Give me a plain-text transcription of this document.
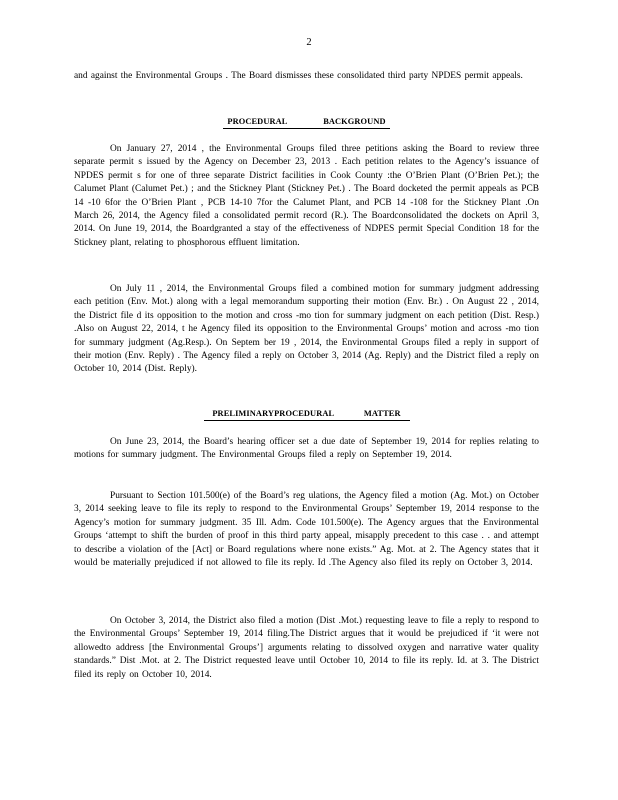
2

and against the Environmental Groups . The Board dismisses these consolidated third party NPDES permit appeals.

PROCEDURAL BACKGROUND

On January 27, 2014 , the Environmental Groups filed three petitions asking the Board to review three separate permit s issued by the Agency on December 23, 2013 . Each petition relates to the Agency’s issuance of NPDES permit s for one of three separate District facilities in Cook County :the O’Brien Plant (O’Brien Pet.); the Calumet Plant (Calumet Pet.) ; and the Stickney Plant (Stickney Pet.) . The Board docketed the permit appeals as PCB 14 -10 6for the O’Brien Plant , PCB 14-10 7for the Calumet Plant, and PCB 14 -108 for the Stickney Plant .On March 26, 2014, the Agency filed a consolidated permit record (R.). The Boardconsolidated the dockets on April 3, 2014. On June 19, 2014, the Boardgranted a stay of the effectiveness of NDPES permit Special Condition 18 for the Stickney plant, relating to phosphorous effluent limitation.

On July 11 , 2014, the Environmental Groups filed a combined motion for summary judgment addressing each petition (Env. Mot.) along with a legal memorandum supporting their motion (Env. Br.) . On August 22 , 2014, the District file d its opposition to the motion and cross -mo tion for summary judgment on each petition (Dist. Resp.) .Also on August 22, 2014, t he Agency filed its opposition to the Environmental Groups’ motion and across -mo tion for summary judgment (Ag.Resp.). On Septem ber 19 , 2014, the Environmental Groups filed a reply in support of their motion (Env. Reply) . The Agency filed a reply on October 3, 2014 (Ag. Reply) and the District filed a reply on October 10, 2014 (Dist. Reply).

PRELIMINARYPROCEDURAL MATTER

On June 23, 2014, the Board’s hearing officer set a due date of September 19, 2014 for replies relating to motions for summary judgment. The Environmental Groups filed a reply on September 19, 2014.

Pursuant to Section 101.500(e) of the Board’s reg ulations, the Agency filed a motion (Ag. Mot.) on October 3, 2014 seeking leave to file its reply to respond to the Environmental Groups’ September 19, 2014 response to the Agency’s motion for summary judgment. 35 Ill. Adm. Code 101.500(e). The Agency argues that the Environmental Groups ‘attempt to shift the burden of proof in this third party appeal, misapply precedent to this case . . and attempt to describe a violation of the [Act] or Board regulations where none exists.” Ag. Mot. at 2. The Agency states that it would be materially prejudiced if not allowed to file its reply. Id .The Agency also filed its reply on October 3, 2014.

On October 3, 2014, the District also filed a motion (Dist .Mot.) requesting leave to file a reply to respond to the Environmental Groups’ September 19, 2014 filing.The District argues that it would be prejudiced if ‘it were not allowedto address [the Environmental Groups’] arguments relating to dissolved oxygen and narrative water quality standards.” Dist .Mot. at 2. The District requested leave until October 10, 2014 to file its reply. Id. at 3. The District filed its reply on October 10, 2014.
